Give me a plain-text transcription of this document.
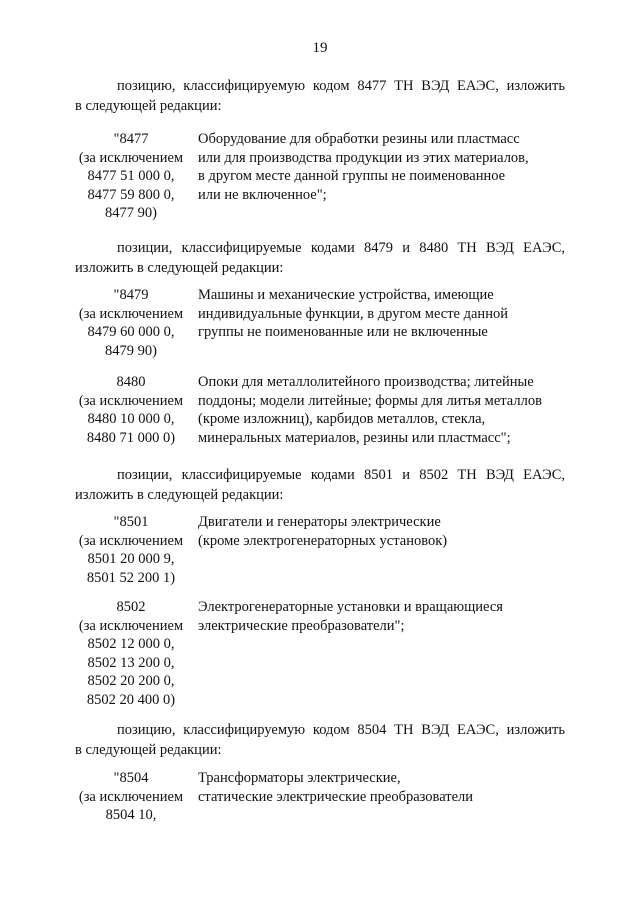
19

позицию, классифицируемую кодом 8477 ТН ВЭД ЕАЭС, изложить
в следующей редакции:

"8477
(за исключением
8477 51 000 0,
8477 59 800 0,
8477 90)
Оборудование для обработки резины или пластмасс
или для производства продукции из этих материалов,
в другом месте данной группы не поименованное
или не включенное";

позиции, классифицируемые кодами 8479 и 8480 ТН ВЭД ЕАЭС,
изложить в следующей редакции:

"8479
(за исключением
8479 60 000 0,
8479 90)
Машины и механические устройства, имеющие
индивидуальные функции, в другом месте данной
группы не поименованные или не включенные
8480
(за исключением
8480 10 000 0,
8480 71 000 0)
Опоки для металлолитейного производства; литейные
поддоны; модели литейные; формы для литья металлов
(кроме изложниц), карбидов металлов, стекла,
минеральных материалов, резины или пластмасс";

позиции, классифицируемые кодами 8501 и 8502 ТН ВЭД ЕАЭС,
изложить в следующей редакции:

"8501
(за исключением
8501 20 000 9,
8501 52 200 1)
Двигатели и генераторы электрические
(кроме электрогенераторных установок)
8502
(за исключением
8502 12 000 0,
8502 13 200 0,
8502 20 200 0,
8502 20 400 0)
Электрогенераторные установки и вращающиеся
электрические преобразователи";

позицию, классифицируемую кодом 8504 ТН ВЭД ЕАЭС, изложить
в следующей редакции:

"8504
(за исключением
8504 10,
Трансформаторы электрические,
статические электрические преобразователи
